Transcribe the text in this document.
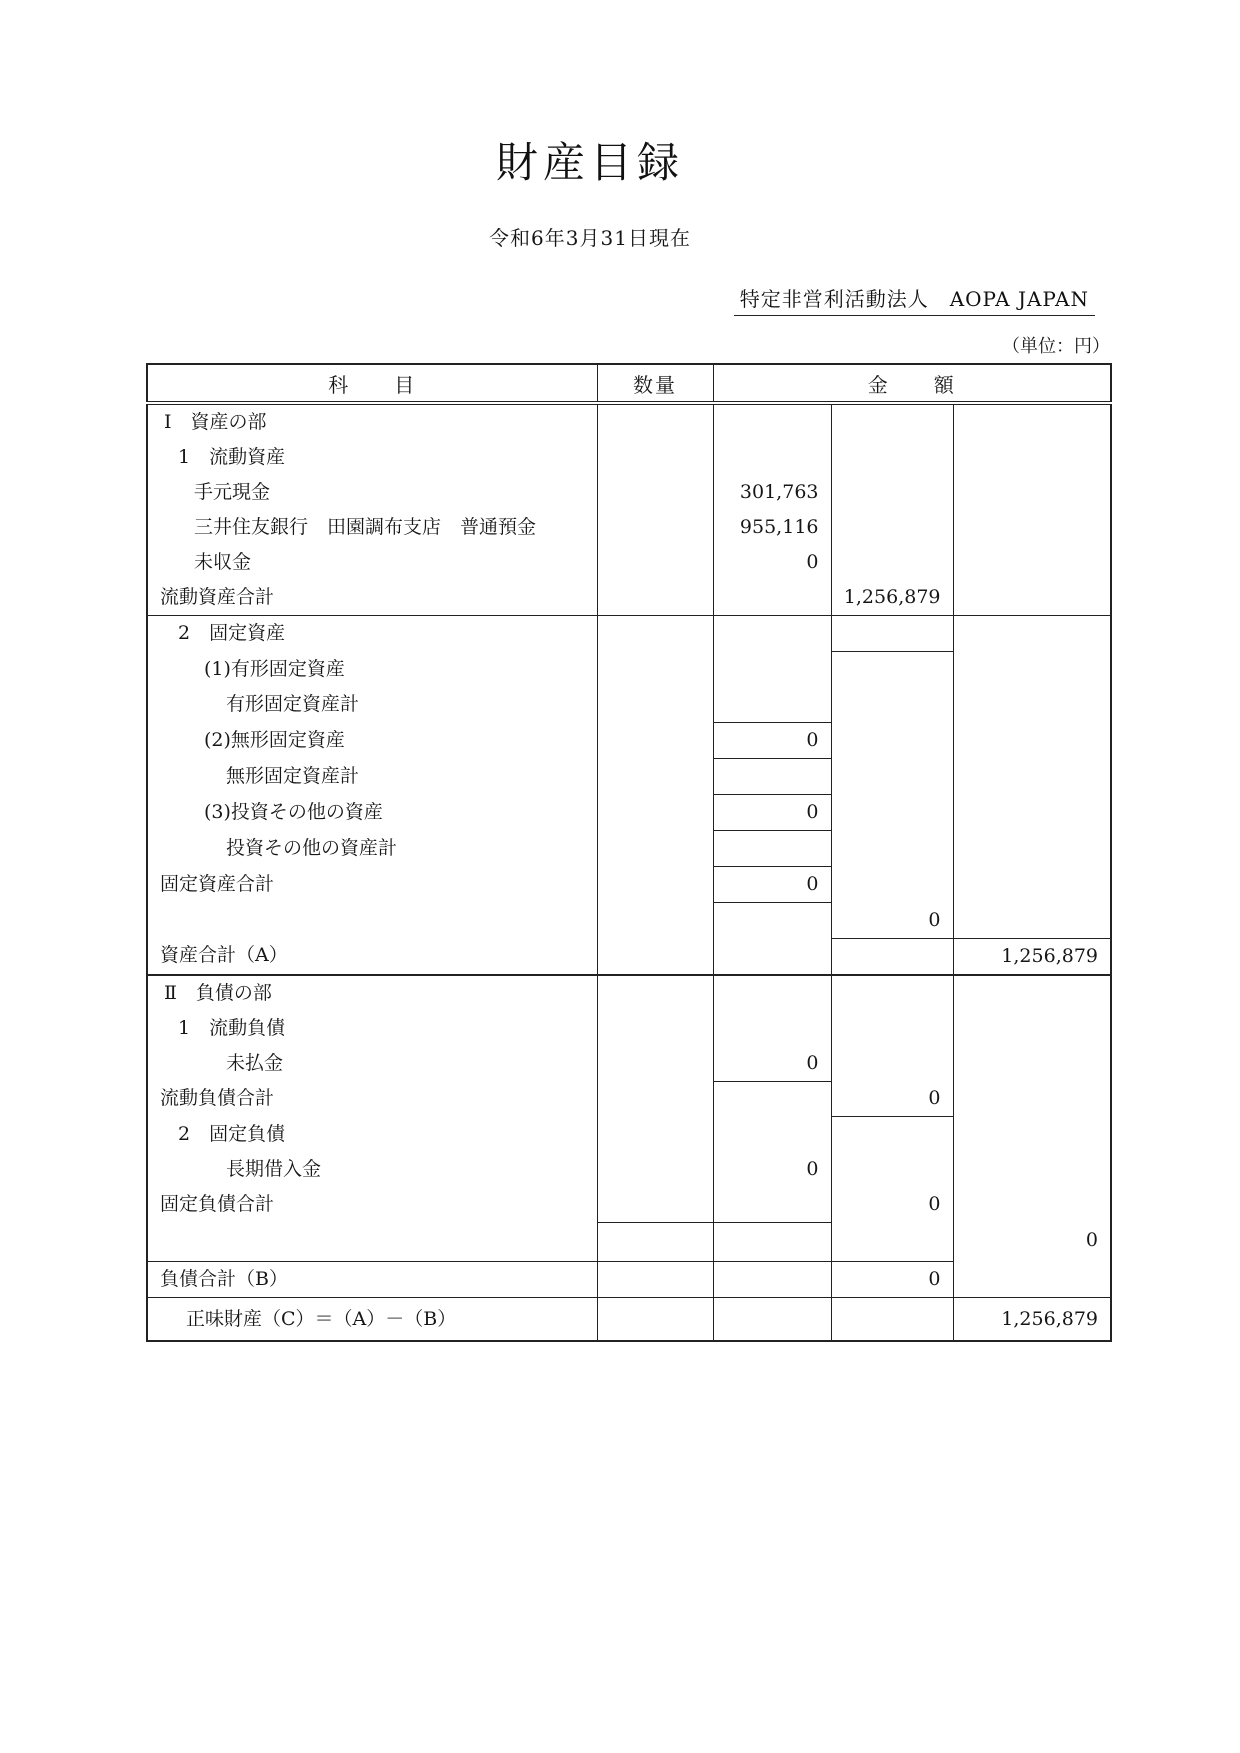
財産目録
令和6年3月31日現在
特定非営利活動法人　AOPA JAPAN
（単位：円）
科　　目	数量	金　　額		
Ⅰ　資産の部				
1　流動資産				
手元現金		301,763		
三井住友銀行　田園調布支店　普通預金		955,116		
未収金		0		
流動資産合計			1,256,879	
2　固定資産				
(1)有形固定資産				
有形固定資産計				
(2)無形固定資産		0		
無形固定資産計				
(3)投資その他の資産		0		
投資その他の資産計				
固定資産合計		0		
			0	
資産合計（A）				1,256,879
Ⅱ　負債の部				
1　流動負債				
未払金		0		
流動負債合計			0	
2　固定負債				
長期借入金		0		
固定負債合計			0	
				0
負債合計（B）			0	
正味財産（C）＝（A）－（B）				1,256,879
